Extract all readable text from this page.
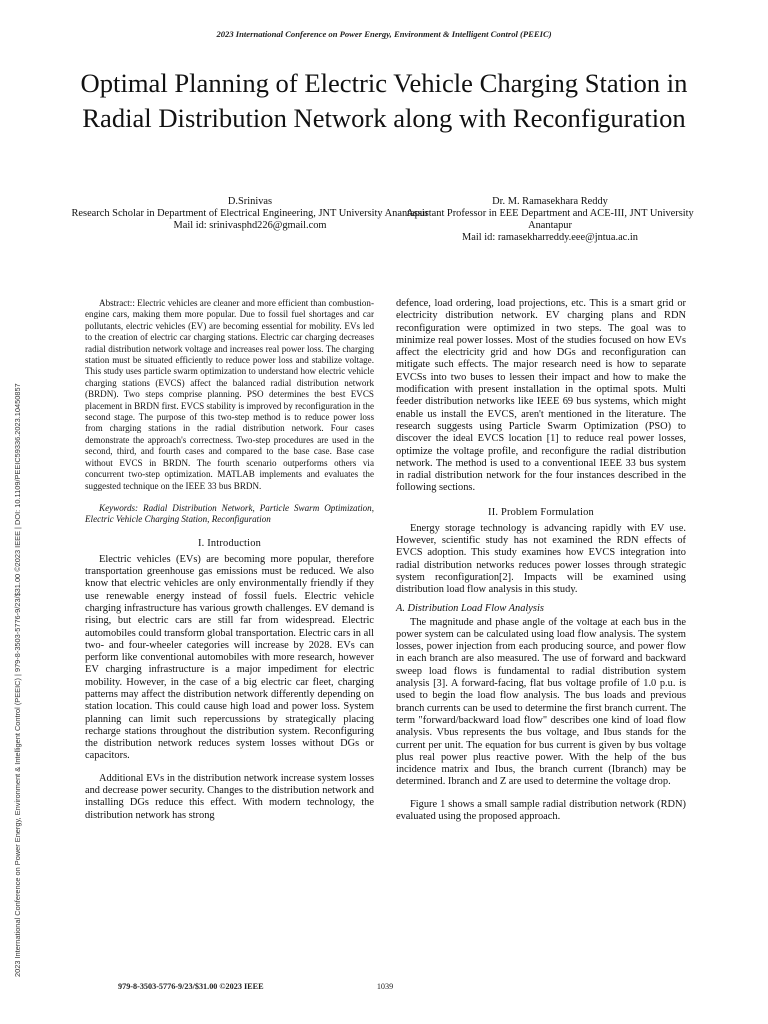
2023 International Conference on Power Energy, Environment & Intelligent Control (PEEIC)
2023 International Conference on Power Energy, Environment & Intelligent Control (PEEIC) | 979-8-3503-5776-9/23/$31.00 ©2023 IEEE | DOI: 10.1109/PEEIC59336.2023.10450857
Optimal Planning of Electric Vehicle Charging Station in Radial Distribution Network along with Reconfiguration
D.Srinivas
Research Scholar in Department of Electrical Engineering, JNT University Anantapur
Mail id: srinivasphd226@gmail.com
Dr. M. Ramasekhara Reddy
Assistant Professor in EEE Department and ACE-III, JNT University Anantapur
Mail id: ramasekharreddy.eee@jntua.ac.in

Abstract:: Electric vehicles are cleaner and more efficient than combustion-engine cars, making them more popular. Due to fossil fuel shortages and car pollutants, electric vehicles (EV) are becoming essential for mobility. EVs led to the creation of electric car charging stations. Electric car charging decreases radial distribution network voltage and increases real power loss. The charging station must be situated efficiently to reduce power loss and stabilize voltage. This study uses particle swarm optimization to understand how electric vehicle charging stations (EVCS) affect the balanced radial distribution network (BRDN). Two steps comprise planning. PSO determines the best EVCS placement in BRDN first. EVCS stability is improved by reconfiguration in the second stage. The purpose of this two-step method is to reduce power loss from charging stations in the radial distribution network. Four cases demonstrate the approach's correctness. Two-step procedures are used in the second, third, and fourth cases and compared to the base case. Base case without EVCS in BRDN. The fourth scenario outperforms others via concurrent two-step optimization. MATLAB implements and evaluates the suggested technique on the IEEE 33 bus BRDN.

Keywords: Radial Distribution Network, Particle Swarm Optimization, Electric Vehicle Charging Station, Reconfiguration

I. Introduction

Electric vehicles (EVs) are becoming more popular, therefore transportation greenhouse gas emissions must be reduced. We also know that electric vehicles are only environmentally friendly if they use renewable energy instead of fossil fuels. Electric vehicle charging infrastructure has various growth challenges. EV demand is rising, but electric cars are still far from widespread. Electric automobiles could transform global transportation. Electric cars in all two- and four-wheeler categories will increase by 2028. EVs can perform like conventional automobiles with more research, however EV charging infrastructure is a major impediment for electric mobility. However, in the case of a big electric car fleet, charging patterns may affect the distribution network differently depending on station location. This could cause high load and power loss. System planning can limit such repercussions by strategically placing recharge stations throughout the distribution system. Reconfiguring the distribution network reduces system losses without DGs or capacitors.

Additional EVs in the distribution network increase system losses and decrease power security. Changes to the distribution network and installing DGs reduce this effect. With modern technology, the distribution network has strong

defence, load ordering, load projections, etc. This is a smart grid or electricity distribution network. EV charging plans and RDN reconfiguration were optimized in two steps. The goal was to minimize real power losses. Most of the studies focused on how EVs affect the electricity grid and how DGs and reconfiguration can mitigate such effects. The major research need is how to separate EVCSs into two buses to lessen their impact and how to make the modification with present installation in the optimal spots. Multi feeder distribution networks like IEEE 69 bus systems, which might enable us install the EVCS, aren't mentioned in the literature. The research suggests using Particle Swarm Optimization (PSO) to discover the ideal EVCS location [1] to reduce real power losses, optimize the voltage profile, and reconfigure the radial distribution network. The method is used to a conventional IEEE 33 bus system in radial distribution network for the four instances described in the following sections.

II. Problem Formulation

Energy storage technology is advancing rapidly with EV use. However, scientific study has not examined the RDN effects of EVCS adoption. This study examines how EVCS integration into radial distribution networks reduces power losses through strategic system reconfiguration[2]. Impacts will be examined using distribution load flow analysis in this study.

A. Distribution Load Flow Analysis

The magnitude and phase angle of the voltage at each bus in the power system can be calculated using load flow analysis. The system losses, power injection from each producing source, and power flow in each branch are also measured. The use of forward and backward sweep load flows is fundamental to radial distribution system analysis [3]. A forward-facing, flat bus voltage profile of 1.0 p.u. is used to begin the load flow analysis. The bus loads and previous branch currents can be used to determine the first branch current. The term "forward/backward load flow" describes one kind of load flow analysis. Vbus represents the bus voltage, and Ibus stands for the current per unit. The equation for bus current is given by bus voltage plus real power plus reactive power. With the help of the bus incidence matrix and Ibus, the branch current (Ibranch) may be determined. Ibranch and Z are used to determine the voltage drop.

Figure 1 shows a small sample radial distribution network (RDN) evaluated using the proposed approach.

979-8-3503-5776-9/23/$31.00 ©2023 IEEE	1039
